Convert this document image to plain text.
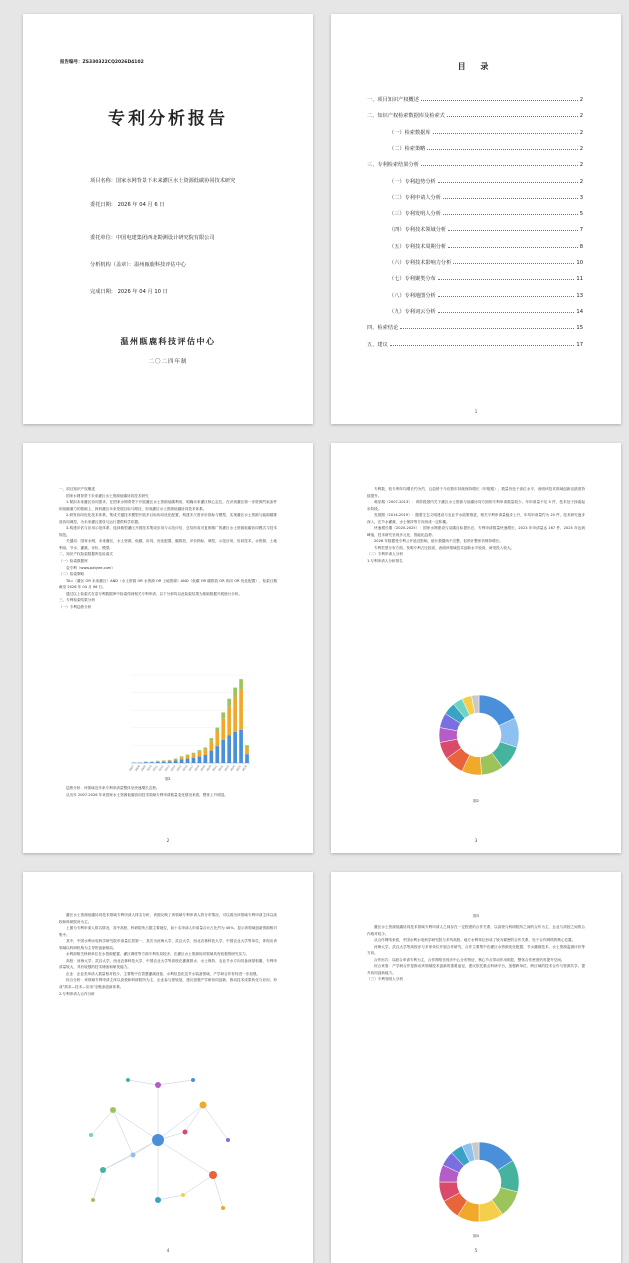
报告编号：ZS330322CQ2026D4102
专利分析报告
项目名称：国家水网背景下未来灌区水土资源低碳协同技术研究
委托日期： 2026 年 04 月 6 日
委托单位：中国电建集团西北勘测设计研究院有限公司
分析机构（盖章）：温州瓯鹿科技评估中心
完成日期： 2026 年 04 月 10 日
温州瓯鹿科技评估中心
二〇二四年制
目 录
一、项目知识产权概述	2
二、知识产权检索数据库及检索式	2
（一）检索数据库	2
（二）检索策略	2
三、专利检索结果分析	2
（一）专利趋势分析	2
（二）专利申请人分析	3
（三）专利发明人分析	5
（四）专利技术领域分析	7
（五）专利技术周期分析	8
（六）专利技术影响力分析	10
（七）专利聚类分布	11
（八）专利地图分析	13
（九）专利词云分析	14
四、检索结论	15
五、建议	17
1

一、项目知识产权概述

国家水网背景下未来灌区水土资源低碳协同技术研究

1.紧扣未来灌区协同需求，在国家水网背景下开展灌区水土资源低碳利用，明确未来灌区核心定位，在识别灌区第一步资源约束条件和低碳潜力的基础上，探析灌区未来发展目标与路径，形成灌区水土资源低碳协同技术体系。

2.研发协同优化技术体系，集成关键技术模型开展多目标协同优化配置，构建多尺度评价指标与模型，实现灌区水土资源与能源碳排放协同调控，为未来灌区建设与运行提供科学依据。

3.构建评估与应用示范体系，选择典型灌区开展技术集成应用与示范评估，总结形成可复制推广的灌区水土资源低碳协同模式与技术规范。

关键词：国家水网，未来灌区，水土资源，低碳，协同，优化配置，碳排放，评价指标，调控，示范应用，协同技术，水资源，土地利用，节水，灌溉，评价，模型。

二、知识产权检索数据库及检索式

（一）检索数据库

壹专利（www.patyee.com）

（二）检索策略

TA=（灌区 OR 未来灌区）AND（水土资源 OR 水资源 OR 土地资源）AND（低碳 OR 碳排放 OR 协同 OR 优化配置），检索日期截至 2026 年 04 月 06 日。

通过以上检索式在壹专利数据库中检索得到相关专利申请，以下分析均以此检索结果为基础数据开展统计分析。

三、专利检索结果分析

（一）专利趋势分析

2007 2008 2009 2010 2011 2012 2013 2014 2015 2016 2017 2018 2019 2020 2021 2022 2023 2024 2025 2026
图1

趋势分析：该领域近年来专利申请量整体呈快速增长态势。

从历年 2007-2026 年来国家水土资源低碳协同技术领域专利申请数量变化情况来看，整体上升明显。

2

专利数，较专利年均增长约为约，且趋势于今后数年持续保持增长（申报期），数量仍处于高位水平，表明该技术领域创新活跃度持续提升。

萌芽期（2007-2013）：该阶段国内关于灌区水土资源与低碳协同方面的专利申请数量较少，年申请量不足 5 件，技术处于探索起步阶段。

发展期（2014-2019）：随着生态文明建设与农业节水政策推进，相关专利申请量稳步上升，年均申请量约为 20 件，技术研究逐步深入，在节水灌溉、水土保持等方向形成一定积累。

快速增长期（2020-2025）：国家水网建设与双碳目标提出后，专利申请数量快速增长，2023 年申请量达 167 件，2025 年达到峰值，技术研究呈现多元化、智能化趋势。

2026 年数据受专利公开延迟影响，统计数据尚不完整，但预计整体仍保持增长。

专利类型分布方面，发明专利占比较高，表明该领域技术创新水平较高，研发投入较大。

（二）专利申请人分析

1.专利申请人分析排名

图2
3

灌区水土资源低碳协同技术领域专利申请人排名分析，该图反映了该领域专利申请人的分布情况，可以看出该领域专利申请主体以高校和科研院所为主。

上图为专利申请人排名情况，其中高校、科研院所占据主要地位，前十名申请人申请量合计占比约为 40%，显示该领域创新资源相对集中。

其中，中国水利水电科学研究院申请量位居第一，其次为河海大学、武汉大学、西北农林科技大学、中国农业大学等单位，体现出该领域以科研机构为主导的创新格局。

水利部相关科研单位在水资源配置、灌区调度等方面专利布局较多，在灌区水土资源协同领域具有较强的研究实力。

高校：河海大学、武汉大学、西北农林科技大学、中国农业大学等高校在灌溉排水、水土保持、农业节水方向具备深厚积累，专利申请量较大，具有较强的技术储备和研发能力。

企业：企业类申请人数量相对较少，主要集中在智慧灌溉设备、水利信息化及节水装备领域，产学研合作有待进一步加强。

综合分析：该领域专利申请主体以高校和科研院所为主，企业参与度较低，建议加强产学研协同创新，推动技术成果转化与应用，形成"需求—技术—应用"全链条创新体系。

2.专利申请人合作分析

4
图3

灌区水土资源低碳协同技术领域专利申请人之间存在一定程度的合作关系，以高校与科研院所之间的合作为主，企业与高校之间的合作相对较少。

从合作网络来看，中国水利水电科学研究院与多所高校、地方水利单位形成了较为紧密的合作关系，处于合作网络的核心位置。

河海大学、武汉大学等高校亦与多家单位开展合作研究，合作主要集中在灌区水资源优化配置、节水灌溉技术、水土资源监测评价等方向。

合作形式：以联合申请专利为主，合作网络呈现多中心分布特征，核心节点带动作用明显，整体合作密度仍有提升空间。

综合来看：产学研合作是推动该领域技术创新的重要途径，建议依托重点科研平台，加强跨单位、跨区域的技术合作与资源共享，提升协同创新能力。

（三）专利发明人分析

图4
5
